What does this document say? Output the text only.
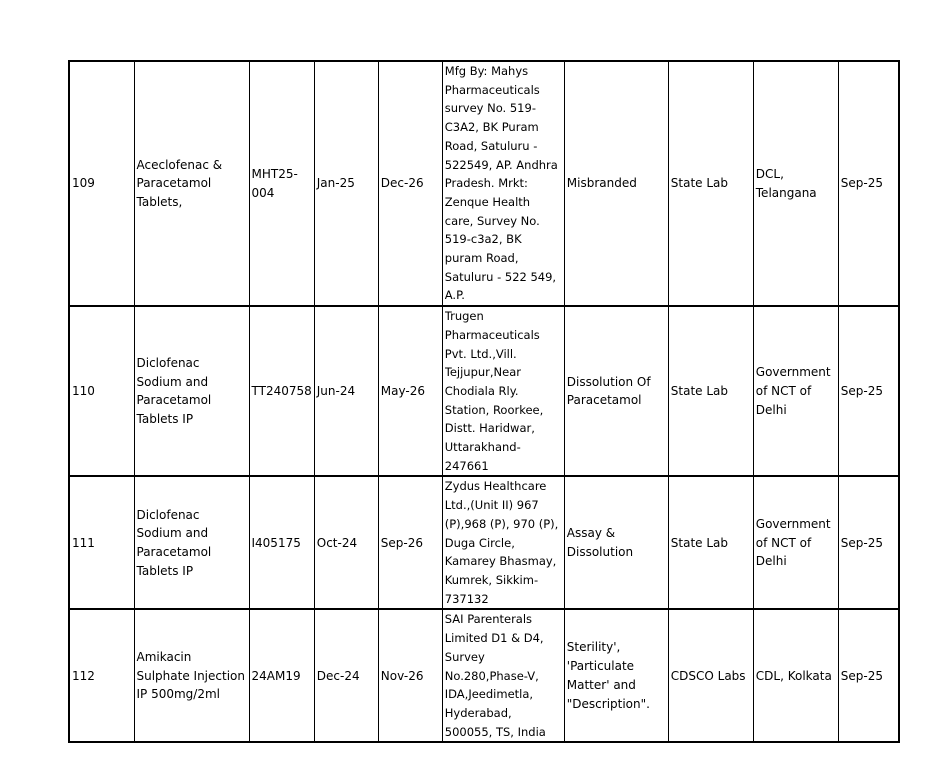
109	Aceclofenac & Paracetamol Tablets,	MHT25-004	Jan-25	Dec-26	Mfg By: Mahys Pharmaceuticals survey No. 519-C3A2, BK Puram Road, Satuluru - 522549, AP. Andhra Pradesh. Mrkt: Zenque Health care, Survey No. 519-c3a2, BK puram Road, Satuluru - 522 549, A.P.	Misbranded	State Lab	DCL, Telangana	Sep-25
110	Diclofenac Sodium and Paracetamol Tablets IP	TT240758	Jun-24	May-26	Trugen Pharmaceuticals Pvt. Ltd.,Vill. Tejjupur,Near Chodiala Rly. Station, Roorkee, Distt. Haridwar, Uttarakhand-247661	Dissolution Of Paracetamol	State Lab	Government of NCT of Delhi	Sep-25
111	Diclofenac Sodium and Paracetamol Tablets IP	I405175	Oct-24	Sep-26	Zydus Healthcare Ltd.,(Unit II) 967 (P),968 (P), 970 (P), Duga Circle, Kamarey Bhasmay, Kumrek, Sikkim-737132	Assay & Dissolution	State Lab	Government of NCT of Delhi	Sep-25
112	Amikacin Sulphate Injection IP 500mg/2ml	24AM19	Dec-24	Nov-26	SAI Parenterals Limited D1 & D4, Survey No.280,Phase-V, IDA,Jeedimetla, Hyderabad, 500055, TS, India	Sterility', 'Particulate Matter' and "Description".	CDSCO Labs	CDL, Kolkata	Sep-25
